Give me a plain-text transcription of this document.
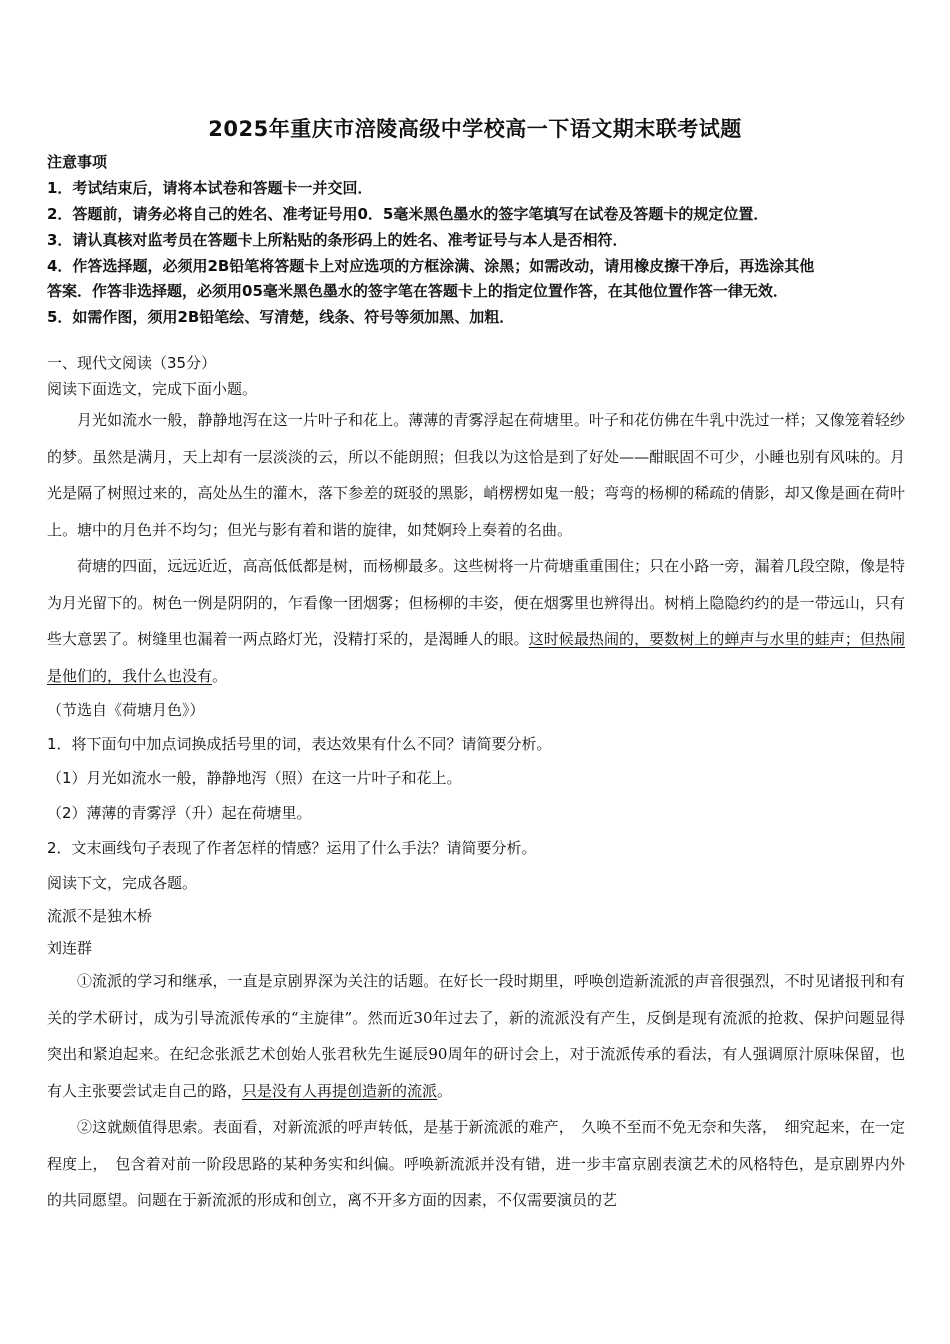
2025年重庆市涪陵高级中学校高一下语文期末联考试题
注意事项
1．考试结束后，请将本试卷和答题卡一并交回．
2．答题前，请务必将自己的姓名、准考证号用0．5毫米黑色墨水的签字笔填写在试卷及答题卡的规定位置．
3．请认真核对监考员在答题卡上所粘贴的条形码上的姓名、准考证号与本人是否相符．
4．作答选择题，必须用2B铅笔将答题卡上对应选项的方框涂满、涂黑；如需改动，请用橡皮擦干净后，再选涂其他
答案．作答非选择题，必须用05毫米黑色墨水的签字笔在答题卡上的指定位置作答，在其他位置作答一律无效．
5．如需作图，须用2B铅笔绘、写清楚，线条、符号等须加黑、加粗．
一、现代文阅读（35分）
阅读下面选文，完成下面小题。

月光如流水一般，静静地泻在这一片叶子和花上。薄薄的青雾浮起在荷塘里。叶子和花仿佛在牛乳中洗过一样；又像笼着轻纱的梦。虽然是满月，天上却有一层淡淡的云，所以不能朗照；但我以为这恰是到了好处——酣眠固不可少，小睡也别有风味的。月光是隔了树照过来的，高处丛生的灌木，落下参差的斑驳的黑影，峭楞楞如鬼一般；弯弯的杨柳的稀疏的倩影，却又像是画在荷叶上。塘中的月色并不均匀；但光与影有着和谐的旋律，如梵婀玲上奏着的名曲。

荷塘的四面，远远近近，高高低低都是树，而杨柳最多。这些树将一片荷塘重重围住；只在小路一旁，漏着几段空隙，像是特为月光留下的。树色一例是阴阴的，乍看像一团烟雾；但杨柳的丰姿，便在烟雾里也辨得出。树梢上隐隐约约的是一带远山，只有些大意罢了。树缝里也漏着一两点路灯光，没精打采的，是渴睡人的眼。这时候最热闹的，要数树上的蝉声与水里的蛙声；但热闹是他们的，我什么也没有。

（节选自《荷塘月色》）
1．将下面句中加点词换成括号里的词，表达效果有什么不同？请简要分析。
（1）月光如流水一般，静静地泻（照）在这一片叶子和花上。
（2）薄薄的青雾浮（升）起在荷塘里。
2．文末画线句子表现了作者怎样的情感？运用了什么手法？请简要分析。
阅读下文，完成各题。
流派不是独木桥
刘连群

①流派的学习和继承，一直是京剧界深为关注的话题。在好长一段时期里，呼唤创造新流派的声音很强烈，不时见诸报刊和有关的学术研讨，成为引导流派传承的“主旋律”。然而近30年过去了，新的流派没有产生，反倒是现有流派的抢救、保护问题显得突出和紧迫起来。在纪念张派艺术创始人张君秋先生诞辰90周年的研讨会上，对于流派传承的看法，有人强调原汁原味保留，也有人主张要尝试走自己的路，只是没有人再提创造新的流派。

②这就颇值得思索。表面看，对新流派的呼声转低，是基于新流派的难产，　久唤不至而不免无奈和失落，　细究起来，在一定程度上，　包含着对前一阶段思路的某种务实和纠偏。呼唤新流派并没有错，进一步丰富京剧表演艺术的风格特色，是京剧界内外的共同愿望。问题在于新流派的形成和创立，离不开多方面的因素，不仅需要演员的艺
